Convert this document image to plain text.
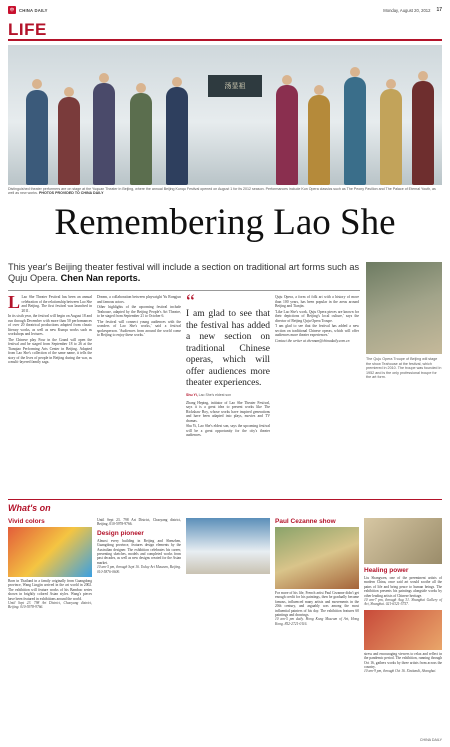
中	CHINA DAILY	Monday, August 20, 2012 17
LIFE
汤显祖
Distinguished theater performers are on stage at the Yuquan Theater in Beijing, where the annual Beijing Kunqu Festival opened on August 1 for its 2012 season. Performances include Kun Opera classics such as The Peony Pavilion and The Palace of Eternal Youth, as well as new works. PHOTOS PROVIDED TO CHINA DAILY
Remembering Lao She
This year's Beijing theater festival will include a section on traditional art forms such as Quju Opera. Chen Nan reports.

L Lao She Theater Festival has been an annual celebration of the relationship between Lao She and Beijing. The first festival was launched in 2011.

In its sixth year, the festival will begin on August 18 and run through December with more than 50 performances of over 20 theatrical productions adapted from classic literary works, as well as new Kunqu works such as workshops and lectures.

The Chinese play Four in the Grand will open the festival and be staged from September 18 to 26 at the Tianqiao Performing Arts Center in Beijing. Adapted from Lao She's collection of the same name, it tells the story of the lives of people in Beijing during the war, as a multi-layered family saga.

Dream, a collaboration between playwright Yu Rongjun and famous actors.

Other highlights of the upcoming festival include Teahouse, adapted by the Beijing People's Art Theatre, to be staged from September 21 to October 6.

'The festival will connect young audiences with the wonders of Lao She's works,' said a festival spokesperson. 'Audiences from around the world come to Beijing to enjoy these works.'

“
I am glad to see that the festival has added a new section on traditional Chinese operas, which will offer audiences more theater experiences.
Shu Yi, Lao She's eldest son

Zhang Heping, initiator of Lao She Theater Festival, says it is a great idea to present works like The Rickshaw Boy, whose works have inspired generations and have been adapted into plays, movies and TV dramas.

Shu Yi, Lao She's eldest son, says the upcoming festival will be a great opportunity for the city's theater audiences.

Quju Opera, a form of folk art with a history of more than 100 years, has been popular in the areas around Beijing and Tianjin.

'Like Lao She's work, Quju Opera pieces are known for their depictions of Beijing's local culture,' says the director of Beijing Quju Opera Troupe.

'I am glad to see that the festival has added a new section on traditional Chinese operas, which will offer audiences more theater experiences.'

Contact the writer at chennan@chinadaily.com.cn

The Quju Opera Troupe of Beijing will stage the show Teahouse at the festival, which premiered in 2010. The troupe was founded in 1952 and is the only professional troupe for the art form.
What's on
Vivid colors

Born in Thailand in a family originally from Guangdong province, Wang Lingjin arrived in the art world in 2002. The exhibition will feature works of his Bamboo series shown in brightly colored Asian styles. Wang's pieces have been featured in exhibitions around the world.

Until Sept 23. 798 Art District, Chaoyang district, Beijing. 010-5978-9766.

Until Sept 23. 798 Art District, Chaoyang district, Beijing. 010-5978-9766.

Design pioneer

Almost every building in Beijing and Shenzhen, Guangdong province, features design elements by the Australian designer. The exhibition celebrates his career, presenting sketches, models and completed works from past decades, as well as new designs created for the Asian market.

10 am-5 pm, through Sept 16. Today Art Museum, Beijing. 010-5876-0600.

Paul Cezanne show

For more of his life, French artist Paul Cezanne didn't get enough credit for his paintings, then he gradually became famous, influenced many artists and movements in the 20th century, and arguably was among the most influential painters of his day. The exhibition features 60 paintings and drawings.

10 am-5 pm daily. Hong Kong Museum of Art, Hong Kong. 852-2721-0116.

Healing power

Liu Shangwen, one of the preeminent artists of modern China, once said art would soothe all the pains of life and bring peace to human beings. The exhibition presents his paintings alongside works by other leading artists of Chinese heritage.

10 am-7 pm, through Aug 31. Shanghai Gallery of Art, Shanghai. 021-6321-5757.

stress and encouraging viewers to relax and reflect in the pandemic period. The exhibition, running through Oct 16, gathers works by three artists from across the country.

10 am-9 pm, through Oct 16. Xintiandi, Shanghai.

CHINA DAILY
